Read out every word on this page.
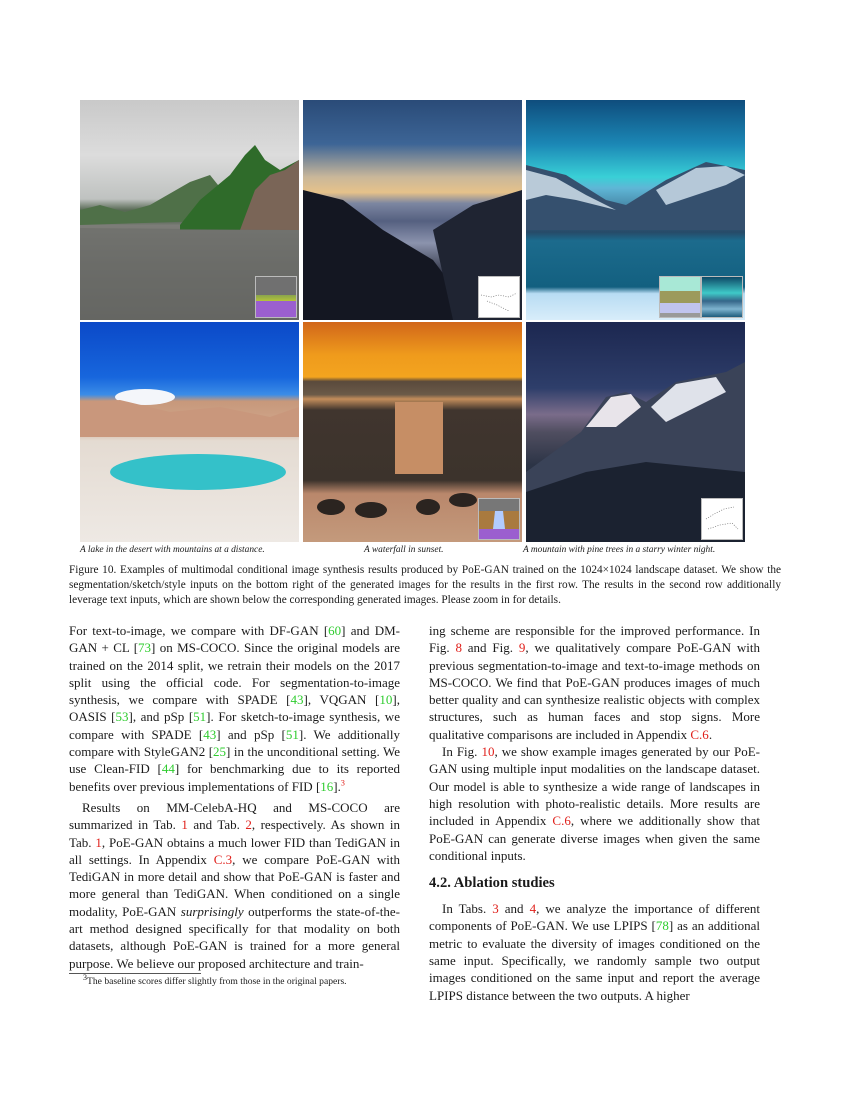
A lake in the desert with mountains at a distance.	A waterfall in sunset.	A mountain with pine trees in a starry winter night.
Figure 10. Examples of multimodal conditional image synthesis results produced by PoE-GAN trained on the 1024×1024 landscape dataset. We show the segmentation/sketch/style inputs on the bottom right of the generated images for the results in the first row. The results in the second row additionally leverage text inputs, which are shown below the corresponding generated images. Please zoom in for details.

For text-to-image, we compare with DF-GAN [60] and DM-GAN + CL [73] on MS-COCO. Since the original models are trained on the 2014 split, we retrain their models on the 2017 split using the official code. For segmentation-to-image synthesis, we compare with SPADE [43], VQGAN [10], OASIS [53], and pSp [51]. For sketch-to-image synthesis, we compare with SPADE [43] and pSp [51]. We additionally compare with StyleGAN2 [25] in the unconditional setting. We use Clean-FID [44] for benchmarking due to its reported benefits over previous implementations of FID [16].$^3$

Results on MM-CelebA-HQ and MS-COCO are summarized in Tab. 1 and Tab. 2, respectively. As shown in Tab. 1, PoE-GAN obtains a much lower FID than TediGAN in all settings. In Appendix C.3, we compare PoE-GAN with TediGAN in more detail and show that PoE-GAN is faster and more general than TediGAN. When conditioned on a single modality, PoE-GAN surprisingly outperforms the state-of-the-art method designed specifically for that modality on both datasets, although PoE-GAN is trained for a more general purpose. We believe our proposed architecture and train-

$^3$The baseline scores differ slightly from those in the original papers.

ing scheme are responsible for the improved performance. In Fig. 8 and Fig. 9, we qualitatively compare PoE-GAN with previous segmentation-to-image and text-to-image methods on MS-COCO. We find that PoE-GAN produces images of much better quality and can synthesize realistic objects with complex structures, such as human faces and stop signs. More qualitative comparisons are included in Appendix C.6.

In Fig. 10, we show example images generated by our PoE-GAN using multiple input modalities on the landscape dataset. Our model is able to synthesize a wide range of landscapes in high resolution with photo-realistic details. More results are included in Appendix C.6, where we additionally show that PoE-GAN can generate diverse images when given the same conditional inputs.

4.2. Ablation studies

In Tabs. 3 and 4, we analyze the importance of different components of PoE-GAN. We use LPIPS [78] as an additional metric to evaluate the diversity of images conditioned on the same input. Specifically, we randomly sample two output images conditioned on the same input and report the average LPIPS distance between the two outputs. A higher
